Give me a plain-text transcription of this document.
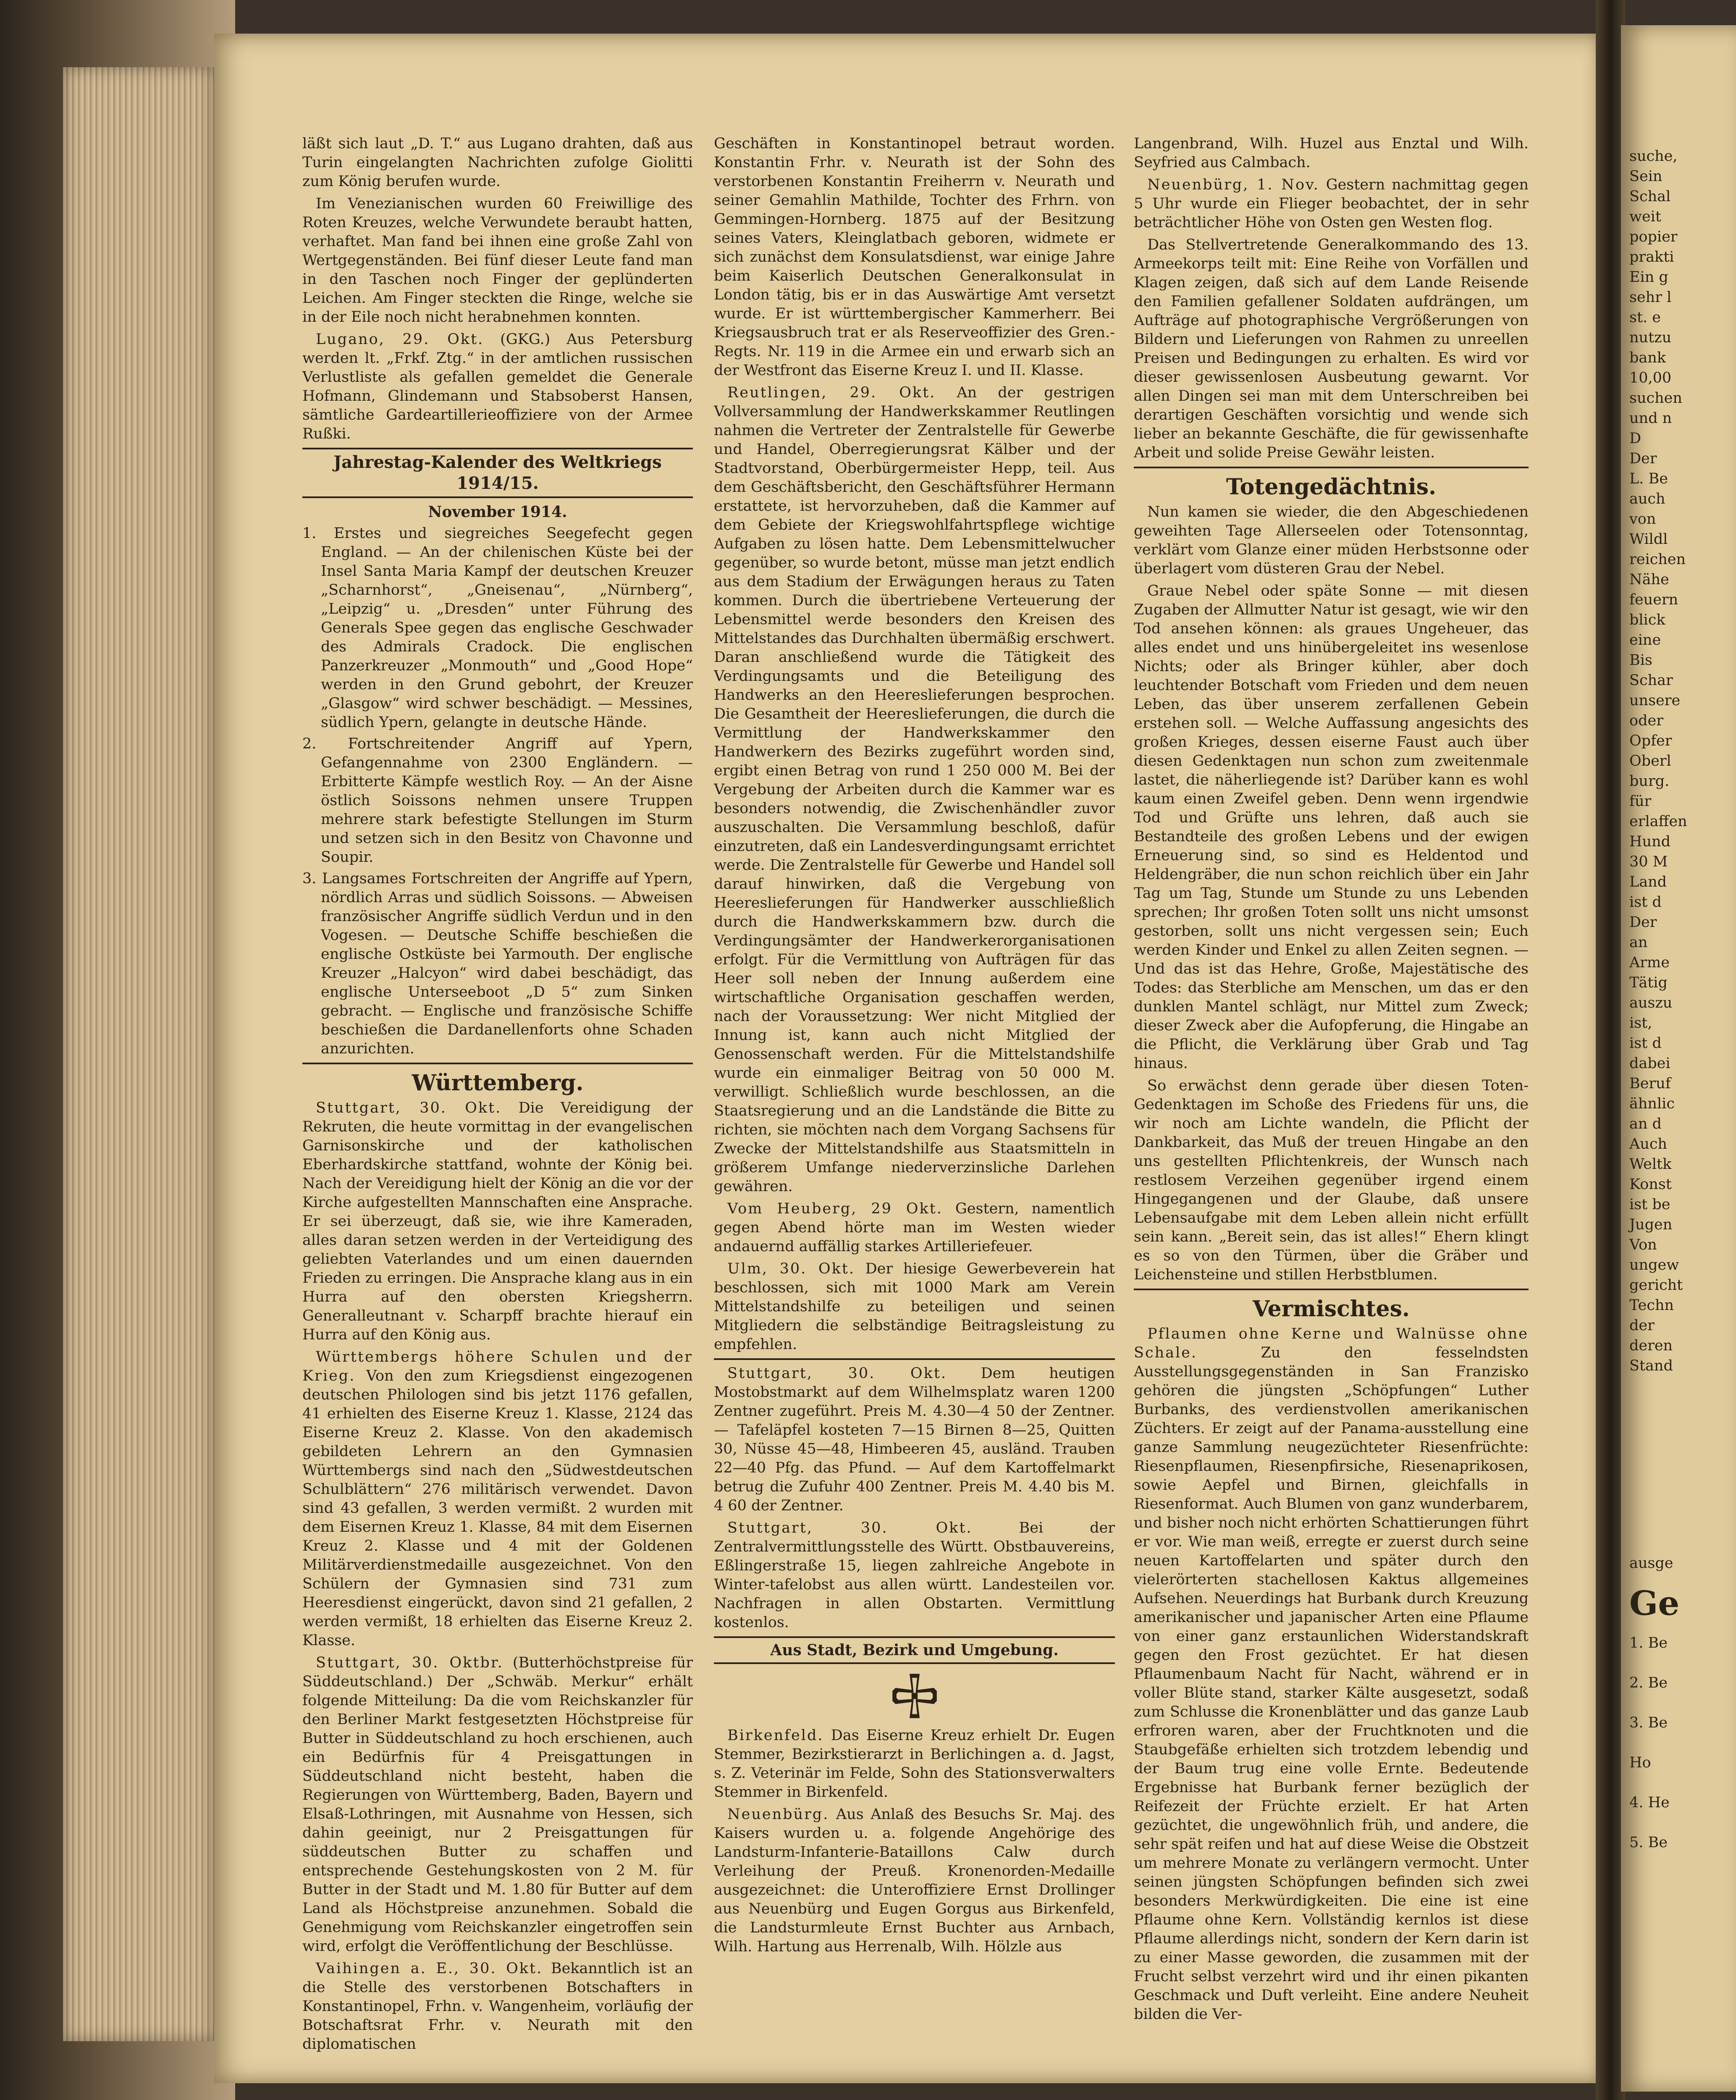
läßt sich laut „D. T.“ aus Lugano drahten, daß aus Turin eingelangten Nachrichten zufolge Giolitti zum König berufen wurde.

Im Venezianischen wurden 60 Freiwillige des Roten Kreuzes, welche Verwundete beraubt hatten, verhaftet. Man fand bei ihnen eine große Zahl von Wertgegenständen. Bei fünf dieser Leute fand man in den Taschen noch Finger der geplünderten Leichen. Am Finger steckten die Ringe, welche sie in der Eile noch nicht herabnehmen konnten.

Lugano, 29. Okt. (GKG.) Aus Petersburg werden lt. „Frkf. Ztg.“ in der amtlichen russischen Verlustliste als gefallen gemeldet die Generale Hofmann, Glindemann und Stabsoberst Hansen, sämtliche Gardeartillerieoffiziere von der Armee Rußki.

Jahrestag-Kalender des Weltkriegs 1914/15.
November 1914.
1. Erstes und siegreiches Seegefecht gegen England. — An der chilenischen Küste bei der Insel Santa Maria Kampf der deutschen Kreuzer „Scharnhorst“, „Gneisenau“, „Nürnberg“, „Leipzig“ u. „Dresden“ unter Führung des Generals Spee gegen das englische Geschwader des Admirals Cradock. Die englischen Panzerkreuzer „Monmouth“ und „Good Hope“ werden in den Grund gebohrt, der Kreuzer „Glasgow“ wird schwer beschädigt. — Messines, südlich Ypern, gelangte in deutsche Hände.
2. Fortschreitender Angriff auf Ypern, Gefangennahme von 2300 Engländern. — Erbitterte Kämpfe westlich Roy. — An der Aisne östlich Soissons nehmen unsere Truppen mehrere stark befestigte Stellungen im Sturm und setzen sich in den Besitz von Chavonne und Soupir.
3. Langsames Fortschreiten der Angriffe auf Ypern, nördlich Arras und südlich Soissons. — Abweisen französischer Angriffe südlich Verdun und in den Vogesen. — Deutsche Schiffe beschießen die englische Ostküste bei Yarmouth. Der englische Kreuzer „Halcyon“ wird dabei beschädigt, das englische Unterseeboot „D 5“ zum Sinken gebracht. — Englische und französische Schiffe beschießen die Dardanellenforts ohne Schaden anzurichten.
Württemberg.

Stuttgart, 30. Okt. Die Vereidigung der Rekruten, die heute vormittag in der evangelischen Garnisonskirche und der katholischen Eberhardskirche stattfand, wohnte der König bei. Nach der Vereidigung hielt der König an die vor der Kirche aufgestellten Mannschaften eine Ansprache. Er sei überzeugt, daß sie, wie ihre Kameraden, alles daran setzen werden in der Verteidigung des geliebten Vaterlandes und um einen dauernden Frieden zu erringen. Die Ansprache klang aus in ein Hurra auf den obersten Kriegsherrn. Generalleutnant v. Scharpff brachte hierauf ein Hurra auf den König aus.

Württembergs höhere Schulen und der Krieg. Von den zum Kriegsdienst eingezogenen deutschen Philologen sind bis jetzt 1176 gefallen, 41 erhielten des Eiserne Kreuz 1. Klasse, 2124 das Eiserne Kreuz 2. Klasse. Von den akademisch gebildeten Lehrern an den Gymnasien Württembergs sind nach den „Südwestdeutschen Schulblättern“ 276 militärisch verwendet. Davon sind 43 gefallen, 3 werden vermißt. 2 wurden mit dem Eisernen Kreuz 1. Klasse, 84 mit dem Eisernen Kreuz 2. Klasse und 4 mit der Goldenen Militärverdienstmedaille ausgezeichnet. Von den Schülern der Gymnasien sind 731 zum Heeresdienst eingerückt, davon sind 21 gefallen, 2 werden vermißt, 18 erhielten das Eiserne Kreuz 2. Klasse.

Stuttgart, 30. Oktbr. (Butterhöchstpreise für Süddeutschland.) Der „Schwäb. Merkur“ erhält folgende Mitteilung: Da die vom Reichskanzler für den Berliner Markt festgesetzten Höchstpreise für Butter in Süddeutschland zu hoch erschienen, auch ein Bedürfnis für 4 Preisgattungen in Süddeutschland nicht besteht, haben die Regierungen von Württemberg, Baden, Bayern und Elsaß-Lothringen, mit Ausnahme von Hessen, sich dahin geeinigt, nur 2 Preisgattungen für süddeutschen Butter zu schaffen und entsprechende Gestehungskosten von 2 M. für Butter in der Stadt und M. 1.80 für Butter auf dem Land als Höchstpreise anzunehmen. Sobald die Genehmigung vom Reichskanzler eingetroffen sein wird, erfolgt die Veröffentlichung der Beschlüsse.

Vaihingen a. E., 30. Okt. Bekanntlich ist an die Stelle des verstorbenen Botschafters in Konstantinopel, Frhn. v. Wangenheim, vorläufig der Botschaftsrat Frhr. v. Neurath mit den diplomatischen

Geschäften in Konstantinopel betraut worden. Konstantin Frhr. v. Neurath ist der Sohn des verstorbenen Konstantin Freiherrn v. Neurath und seiner Gemahlin Mathilde, Tochter des Frhrn. von Gemmingen-Hornberg. 1875 auf der Besitzung seines Vaters, Kleinglatbach geboren, widmete er sich zunächst dem Konsulatsdienst, war einige Jahre beim Kaiserlich Deutschen Generalkonsulat in London tätig, bis er in das Auswärtige Amt versetzt wurde. Er ist württembergischer Kammerherr. Bei Kriegsausbruch trat er als Reserveoffizier des Gren.-Regts. Nr. 119 in die Armee ein und erwarb sich an der Westfront das Eiserne Kreuz I. und II. Klasse.

Reutlingen, 29. Okt. An der gestrigen Vollversammlung der Handwerkskammer Reutlingen nahmen die Vertreter der Zentralstelle für Gewerbe und Handel, Oberregierungsrat Kälber und der Stadtvorstand, Oberbürgermeister Hepp, teil. Aus dem Geschäftsbericht, den Geschäftsführer Hermann erstattete, ist hervorzuheben, daß die Kammer auf dem Gebiete der Kriegswohlfahrtspflege wichtige Aufgaben zu lösen hatte. Dem Lebensmittelwucher gegenüber, so wurde betont, müsse man jetzt endlich aus dem Stadium der Erwägungen heraus zu Taten kommen. Durch die übertriebene Verteuerung der Lebensmittel werde besonders den Kreisen des Mittelstandes das Durchhalten übermäßig erschwert. Daran anschließend wurde die Tätigkeit des Verdingungsamts und die Beteiligung des Handwerks an den Heereslieferungen besprochen. Die Gesamtheit der Heereslieferungen, die durch die Vermittlung der Handwerkskammer den Handwerkern des Bezirks zugeführt worden sind, ergibt einen Betrag von rund 1 250 000 M. Bei der Vergebung der Arbeiten durch die Kammer war es besonders notwendig, die Zwischenhändler zuvor auszuschalten. Die Versammlung beschloß, dafür einzutreten, daß ein Landesverdingungsamt errichtet werde. Die Zentralstelle für Gewerbe und Handel soll darauf hinwirken, daß die Vergebung von Heereslieferungen für Handwerker ausschließlich durch die Handwerkskammern bzw. durch die Verdingungsämter der Handwerkerorganisationen erfolgt. Für die Vermittlung von Aufträgen für das Heer soll neben der Innung außerdem eine wirtschaftliche Organisation geschaffen werden, nach der Voraussetzung: Wer nicht Mitglied der Innung ist, kann auch nicht Mitglied der Genossenschaft werden. Für die Mittelstandshilfe wurde ein einmaliger Beitrag von 50 000 M. verwilligt. Schließlich wurde beschlossen, an die Staatsregierung und an die Landstände die Bitte zu richten, sie möchten nach dem Vorgang Sachsens für Zwecke der Mittelstandshilfe aus Staatsmitteln in größerem Umfange niederverzinsliche Darlehen gewähren.

Vom Heuberg, 29 Okt. Gestern, namentlich gegen Abend hörte man im Westen wieder andauernd auffällig starkes Artilleriefeuer.

Ulm, 30. Okt. Der hiesige Gewerbeverein hat beschlossen, sich mit 1000 Mark am Verein Mittelstandshilfe zu beteiligen und seinen Mitgliedern die selbständige Beitragsleistung zu empfehlen.

Stuttgart, 30. Okt. Dem heutigen Mostobstmarkt auf dem Wilhelmsplatz waren 1200 Zentner zugeführt. Preis M. 4.30—4 50 der Zentner. — Tafeläpfel kosteten 7—15 Birnen 8—25, Quitten 30, Nüsse 45—48, Himbeeren 45, ausländ. Trauben 22—40 Pfg. das Pfund. — Auf dem Kartoffelmarkt betrug die Zufuhr 400 Zentner. Preis M. 4.40 bis M. 4 60 der Zentner.

Stuttgart, 30. Okt.	Bei der Zentralvermittlungsstelle des Württ. Obstbauvereins, Eßlingerstraße 15, liegen zahlreiche Angebote in Winter-tafelobst aus allen württ. Landesteilen vor. Nachfragen in allen Obstarten. Vermittlung kostenlos.

Aus Stadt, Bezirk und Umgebung.

Birkenfeld. Das Eiserne Kreuz erhielt Dr. Eugen Stemmer, Bezirkstierarzt in Berlichingen a. d. Jagst, s. Z. Veterinär im Felde, Sohn des Stationsverwalters Stemmer in Birkenfeld.

Neuenbürg. Aus Anlaß des Besuchs Sr. Maj. des Kaisers wurden u. a. folgende Angehörige des Landsturm-Infanterie-Bataillons Calw durch Verleihung der Preuß. Kronenorden-Medaille ausgezeichnet: die Unteroffiziere Ernst Drollinger aus Neuenbürg und Eugen Gorgus aus Birkenfeld, die Landsturmleute Ernst Buchter aus Arnbach, Wilh. Hartung aus Herrenalb, Wilh. Hölzle aus

Langenbrand, Wilh. Huzel aus Enztal und Wilh. Seyfried aus Calmbach.

Neuenbürg, 1. Nov. Gestern nachmittag gegen 5 Uhr wurde ein Flieger beobachtet, der in sehr beträchtlicher Höhe von Osten gen Westen flog.

Das Stellvertretende Generalkommando des 13. Armeekorps teilt mit: Eine Reihe von Vorfällen und Klagen zeigen, daß sich auf dem Lande Reisende den Familien gefallener Soldaten aufdrängen, um Aufträge auf photographische Vergrößerungen von Bildern und Lieferungen von Rahmen zu unreellen Preisen und Bedingungen zu erhalten. Es wird vor dieser gewissenlosen Ausbeutung gewarnt. Vor allen Dingen sei man mit dem Unterschreiben bei derartigen Geschäften vorsichtig und wende sich lieber an bekannte Geschäfte, die für gewissenhafte Arbeit und solide Preise Gewähr leisten.

Totengedächtnis.

Nun kamen sie wieder, die den Abgeschiedenen geweihten Tage Allerseelen oder Totensonntag, verklärt vom Glanze einer müden Herbstsonne oder überlagert vom düsteren Grau der Nebel.

Graue Nebel oder späte Sonne — mit diesen Zugaben der Allmutter Natur ist gesagt, wie wir den Tod ansehen können: als graues Ungeheuer, das alles endet und uns hinübergeleitet ins wesenlose Nichts; oder als Bringer kühler, aber doch leuchtender Botschaft vom Frieden und dem neuen Leben, das über unserem zerfallenen Gebein erstehen soll. — Welche Auffassung angesichts des großen Krieges, dessen eiserne Faust auch über diesen Gedenktagen nun schon zum zweitenmale lastet, die näherliegende ist? Darüber kann es wohl kaum einen Zweifel geben. Denn wenn irgendwie Tod und Grüfte uns lehren, daß auch sie Bestandteile des großen Lebens und der ewigen Erneuerung sind, so sind es Heldentod und Heldengräber, die nun schon reichlich über ein Jahr Tag um Tag, Stunde um Stunde zu uns Lebenden sprechen; Ihr großen Toten sollt uns nicht umsonst gestorben, sollt uns nicht vergessen sein; Euch werden Kinder und Enkel zu allen Zeiten segnen. — Und das ist das Hehre, Große, Majestätische des Todes: das Sterbliche am Menschen, um das er den dunklen Mantel schlägt, nur Mittel zum Zweck; dieser Zweck aber die Aufopferung, die Hingabe an die Pflicht, die Verklärung über Grab und Tag hinaus.

So erwächst denn gerade über diesen Toten-Gedenktagen im Schoße des Friedens für uns, die wir noch am Lichte wandeln, die Pflicht der Dankbarkeit, das Muß der treuen Hingabe an den uns gestellten Pflichtenkreis, der Wunsch nach restlosem Verzeihen gegenüber irgend einem Hingegangenen und der Glaube, daß unsere Lebensaufgabe mit dem Leben allein nicht erfüllt sein kann. „Bereit sein, das ist alles!“ Ehern klingt es so von den Türmen, über die Gräber und Leichensteine und stillen Herbstblumen.

Vermischtes.

Pflaumen ohne Kerne und Walnüsse ohne Schale.	Zu den fesselndsten Ausstellungsgegenständen in San Franzisko gehören die jüngsten „Schöpfungen“ Luther Burbanks, des verdienstvollen amerikanischen Züchters. Er zeigt auf der Panama-ausstellung eine ganze Sammlung neugezüchteter Riesenfrüchte: Riesenpflaumen, Riesenpfirsiche, Riesenaprikosen, sowie Aepfel und Birnen, gleichfalls in Riesenformat. Auch Blumen von ganz wunderbarem, und bisher noch nicht erhörten Schattierungen führt er vor. Wie man weiß, erregte er zuerst durch seine neuen Kartoffelarten und später durch den vielerörterten stachellosen Kaktus allgemeines Aufsehen. Neuerdings hat Burbank durch Kreuzung amerikanischer und japanischer Arten eine Pflaume von einer ganz erstaunlichen Widerstandskraft gegen den Frost gezüchtet. Er hat diesen Pflaumenbaum Nacht für Nacht, während er in voller Blüte stand, starker Kälte ausgesetzt, sodaß zum Schlusse die Kronenblätter und das ganze Laub erfroren waren, aber der Fruchtknoten und die Staubgefäße erhielten sich trotzdem lebendig und der Baum trug eine volle Ernte. Bedeutende Ergebnisse hat Burbank ferner bezüglich der Reifezeit der Früchte erzielt. Er hat Arten gezüchtet, die ungewöhnlich früh, und andere, die sehr spät reifen und hat auf diese Weise die Obstzeit um mehrere Monate zu verlängern vermocht. Unter seinen jüngsten Schöpfungen befinden sich zwei besonders Merkwürdigkeiten. Die eine ist eine Pflaume ohne Kern. Vollständig kernlos ist diese Pflaume allerdings nicht, sondern der Kern darin ist zu einer Masse geworden, die zusammen mit der Frucht selbst verzehrt wird und ihr einen pikanten Geschmack und Duft verleiht. Eine andere Neuheit bilden die Ver-

suche,
Sein
Schal
weit
popier
prakti
Ein g
sehr l
st. e
nutzu
bank
10,00
suchen
und n
D
Der
L. Be
auch
von
Wildl
reichen
Nähe
feuern
blick
eine
Bis
Schar
unsere
oder
Opfer
Oberl
burg.
für
erlaffen
Hund
30 M
Land
ist d
Der
an
Arme
Tätig
auszu
ist,
ist d
dabei
Beruf
ähnlic
an d
Auch
Weltk
Konst
ist be
Jugen
Von
ungew
gericht
Techn
der
deren
Stand
ausge
Ge
1. Be
2. Be
3. Be
Ho
4. He
5. Be
